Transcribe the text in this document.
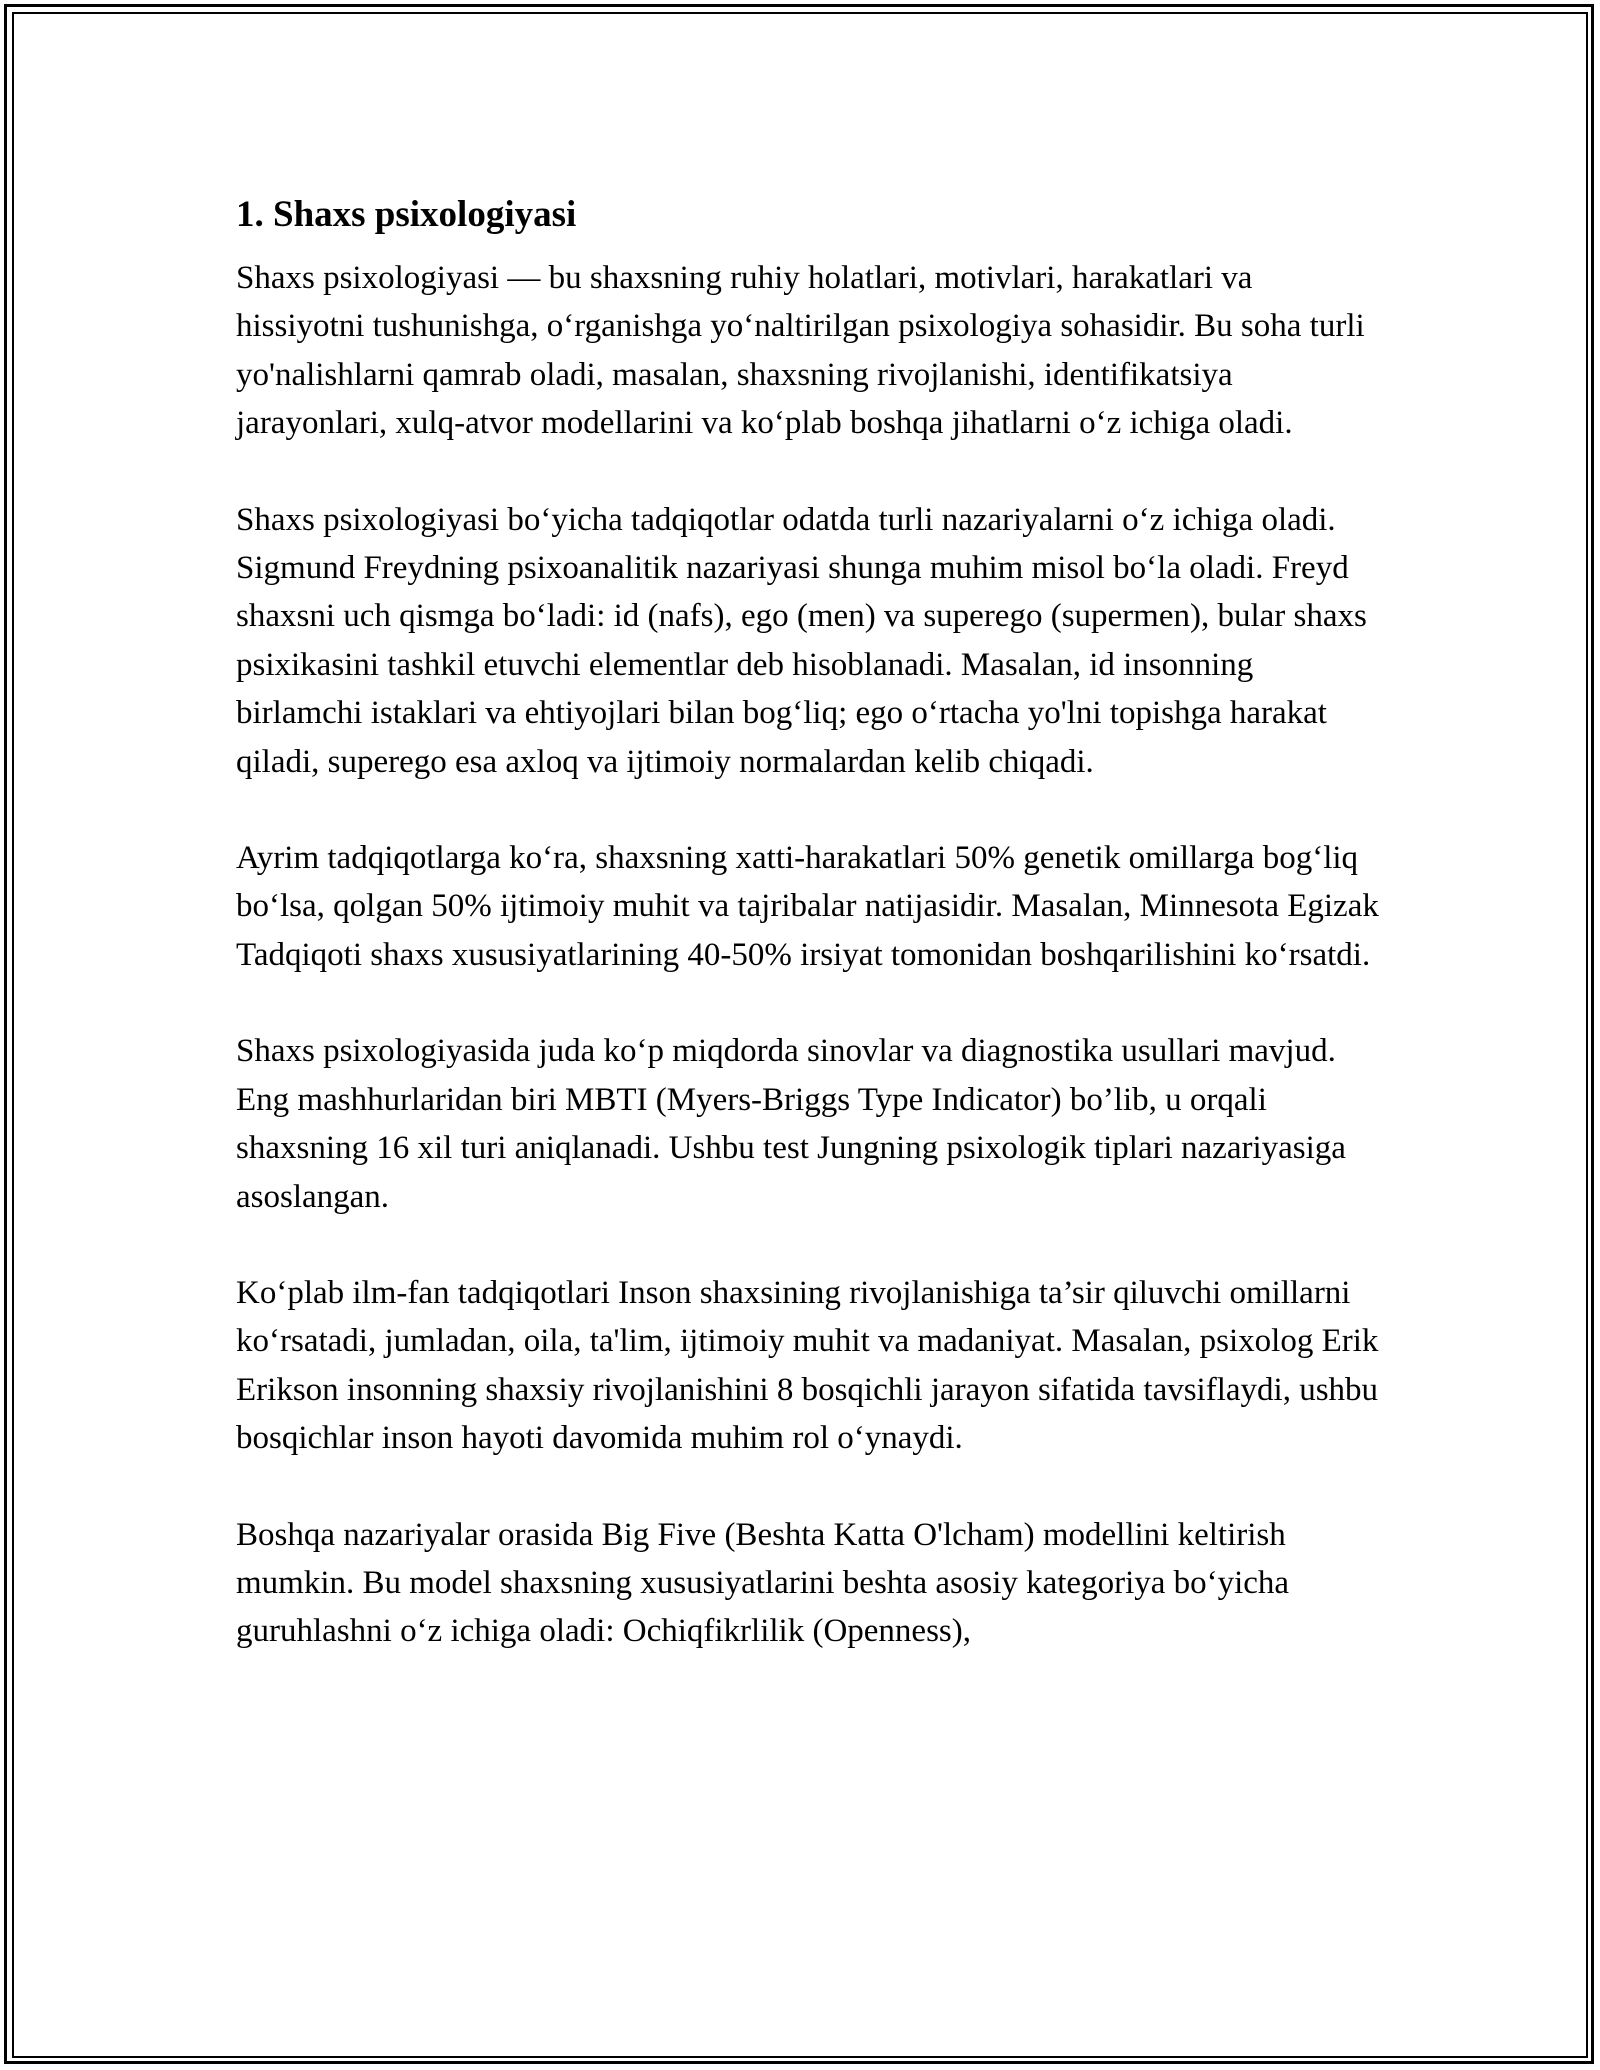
1. Shaxs psixologiyasi

Shaxs psixologiyasi — bu shaxsning ruhiy holatlari, motivlari, harakatlari va hissiyotni tushunishga, o‘rganishga yo‘naltirilgan psixologiya sohasidir. Bu soha turli yo'nalishlarni qamrab oladi, masalan, shaxsning rivojlanishi, identifikatsiya jarayonlari, xulq-atvor modellarini va ko‘plab boshqa jihatlarni o‘z ichiga oladi.

Shaxs psixologiyasi bo‘yicha tadqiqotlar odatda turli nazariyalarni o‘z ichiga oladi. Sigmund Freydning psixoanalitik nazariyasi shunga muhim misol bo‘la oladi. Freyd shaxsni uch qismga bo‘ladi: id (nafs), ego (men) va superego (supermen), bular shaxs psixikasini tashkil etuvchi elementlar deb hisoblanadi. Masalan, id insonning birlamchi istaklari va ehtiyojlari bilan bog‘liq; ego o‘rtacha yo'lni topishga harakat qiladi, superego esa axloq va ijtimoiy normalardan kelib chiqadi.

Ayrim tadqiqotlarga ko‘ra, shaxsning xatti-harakatlari 50% genetik omillarga bog‘liq bo‘lsa, qolgan 50% ijtimoiy muhit va tajribalar natijasidir. Masalan, Minnesota Egizak Tadqiqoti shaxs xususiyatlarining 40-50% irsiyat tomonidan boshqarilishini ko‘rsatdi.

Shaxs psixologiyasida juda ko‘p miqdorda sinovlar va diagnostika usullari mavjud. Eng mashhurlaridan biri MBTI (Myers-Briggs Type Indicator) bo’lib, u orqali shaxsning 16 xil turi aniqlanadi. Ushbu test Jungning psixologik tiplari nazariyasiga asoslangan.

Ko‘plab ilm-fan tadqiqotlari Inson shaxsining rivojlanishiga ta’sir qiluvchi omillarni ko‘rsatadi, jumladan, oila, ta'lim, ijtimoiy muhit va madaniyat. Masalan, psixolog Erik Erikson insonning shaxsiy rivojlanishini 8 bosqichli jarayon sifatida tavsiflaydi, ushbu bosqichlar inson hayoti davomida muhim rol o‘ynaydi.

Boshqa nazariyalar orasida Big Five (Beshta Katta O'lcham) modellini keltirish mumkin. Bu model shaxsning xususiyatlarini beshta asosiy kategoriya bo‘yicha guruhlashni o‘z ichiga oladi: Ochiqfikrlilik (Openness),
